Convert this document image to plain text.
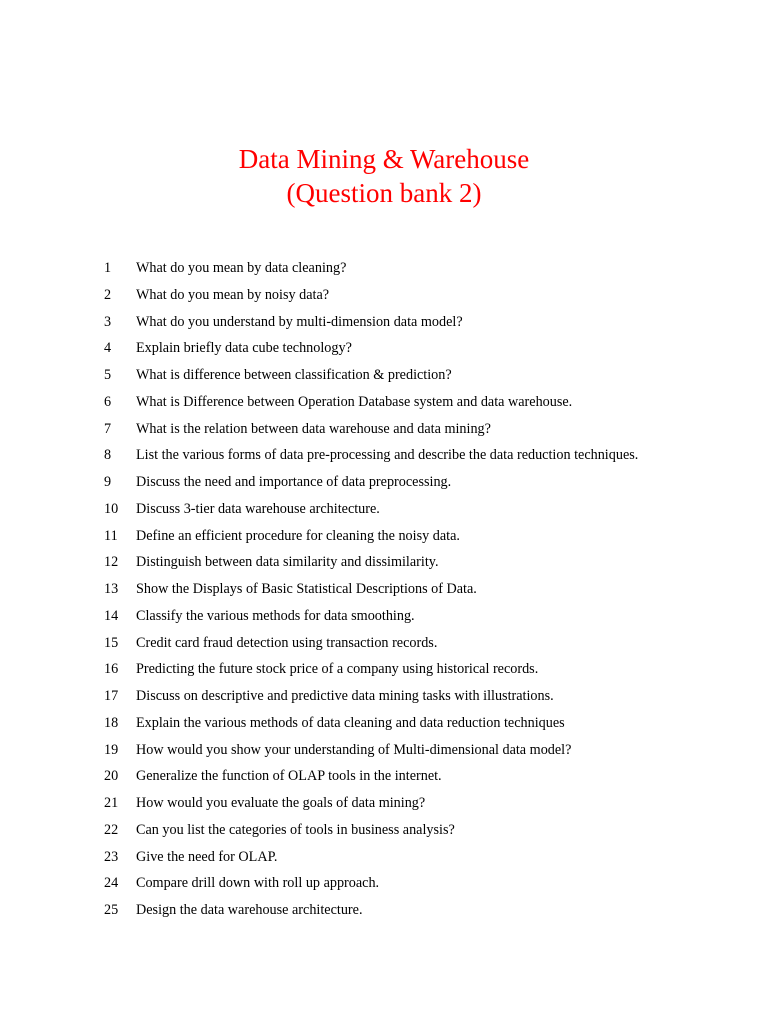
Data Mining & Warehouse
(Question bank 2)
1	What do you mean by data cleaning?
2	What do you mean by noisy data?
3	What do you understand by multi-dimension data model?
4	Explain briefly data cube technology?
5	What is difference between classification & prediction?
6	What is Difference between Operation Database system and data warehouse.
7	What is the relation between data warehouse and data mining?
8	List the various forms of data pre-processing and describe the data reduction techniques.
9	Discuss the need and importance of data preprocessing.
10	Discuss 3-tier data warehouse architecture.
11	Define an efficient procedure for cleaning the noisy data.
12	Distinguish between data similarity and dissimilarity.
13	Show the Displays of Basic Statistical Descriptions of Data.
14	Classify the various methods for data smoothing.
15	Credit card fraud detection using transaction records.
16	Predicting the future stock price of a company using historical records.
17	Discuss on descriptive and predictive data mining tasks with illustrations.
18	Explain the various methods of data cleaning and data reduction techniques
19	How would you show your understanding of Multi-dimensional data model?
20	Generalize the function of OLAP tools in the internet.
21	How would you evaluate the goals of data mining?
22	Can you list the categories of tools in business analysis?
23	Give the need for OLAP.
24	Compare drill down with roll up approach.
25	Design the data warehouse architecture.
